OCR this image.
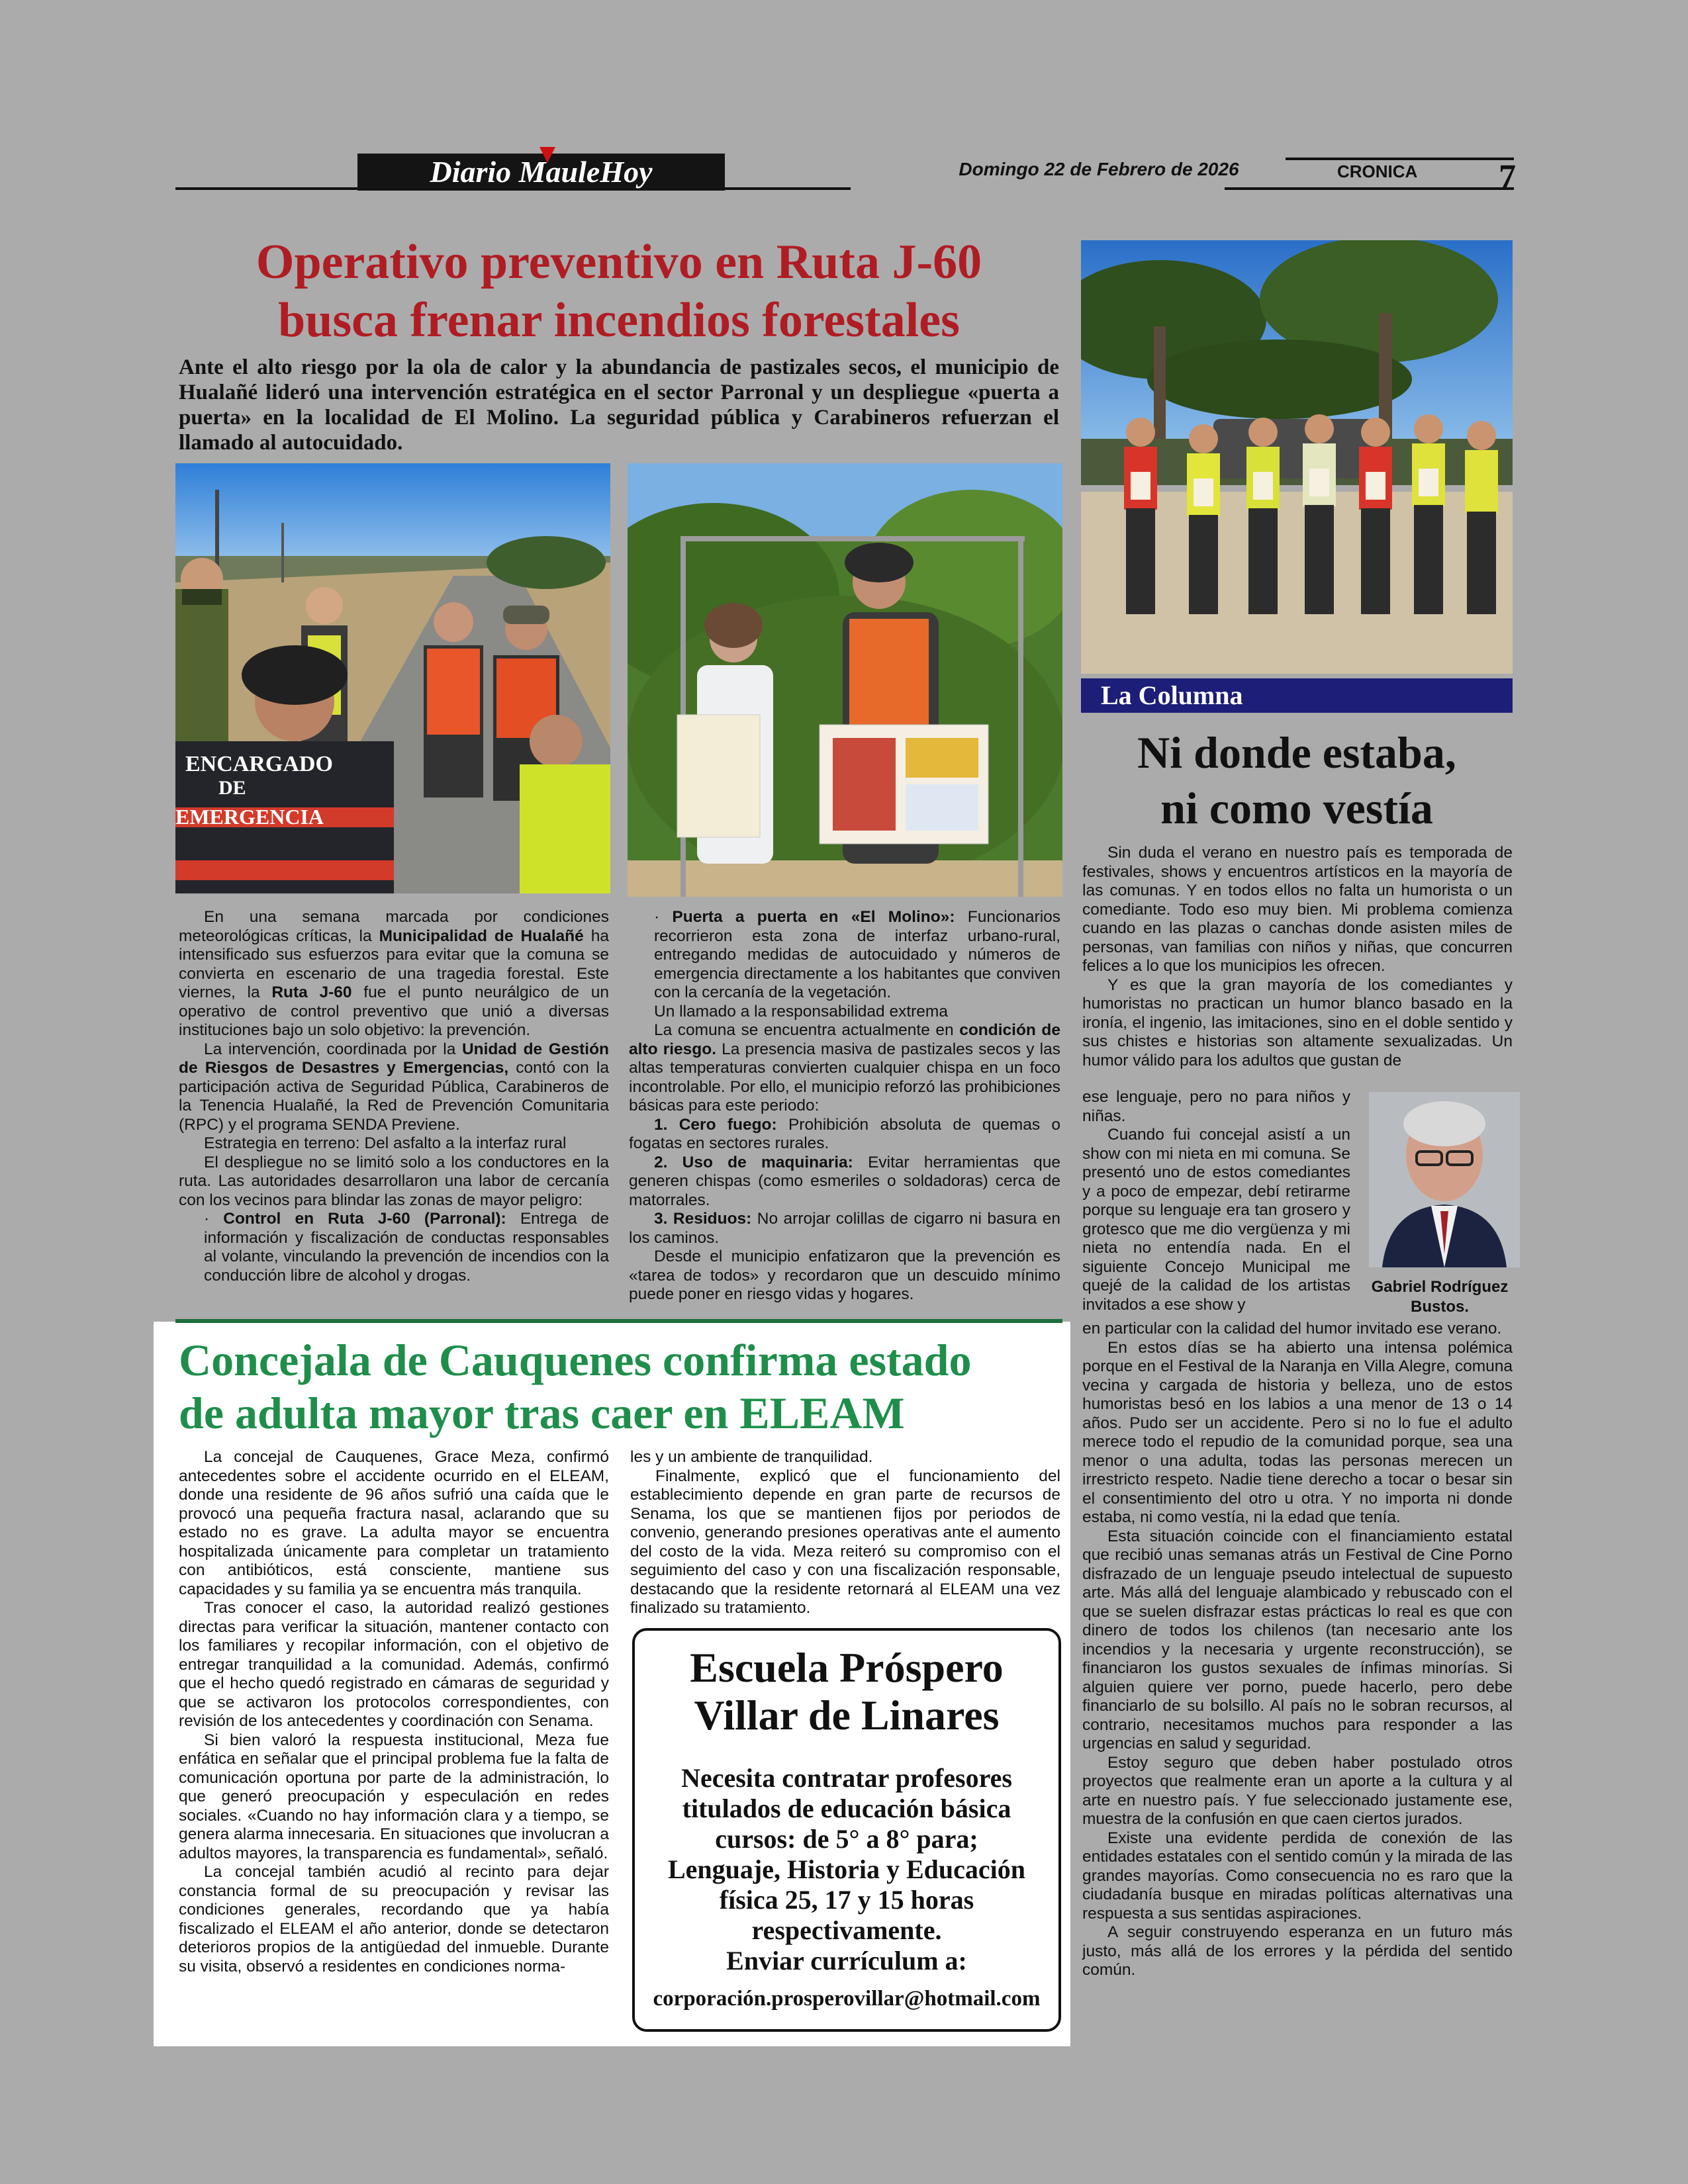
Diario MauleHoy	Domingo 22 de Febrero de 2026	CRONICA	7
Operativo preventivo en Ruta J-60
busca frenar incendios forestales
Ante el alto riesgo por la ola de calor y la abundancia de pastizales secos, el municipio de Hualañé lideró una intervención estratégica en el sector Parronal y un despliegue «puerta a puerta» en la localidad de El Molino. La seguridad pública y Carabineros refuerzan el llamado al autocuidado.
ENCARGADO
DE
EMERGENCIA

En una semana marcada por condiciones meteorológicas críticas, la Municipalidad de Hualañé ha intensificado sus esfuerzos para evitar que la comuna se convierta en escenario de una tragedia forestal. Este viernes, la Ruta J-60 fue el punto neurálgico de un operativo de control preventivo que unió a diversas instituciones bajo un solo objetivo: la prevención.

La intervención, coordinada por la Unidad de Gestión de Riesgos de Desastres y Emergencias, contó con la participación activa de Seguridad Pública, Carabineros de la Tenencia Hualañé, la Red de Prevención Comunitaria (RPC) y el programa SENDA Previene.

Estrategia en terreno: Del asfalto a la interfaz rural

El despliegue no se limitó solo a los conductores en la ruta. Las autoridades desarrollaron una labor de cercanía con los vecinos para blindar las zonas de mayor peligro:

· Control en Ruta J-60 (Parronal): Entrega de información y fiscalización de conductas responsables al volante, vinculando la prevención de incendios con la conducción libre de alcohol y drogas.

· Puerta a puerta en «El Molino»: Funcionarios recorrieron esta zona de interfaz urbano-rural, entregando medidas de autocuidado y números de emergencia directamente a los habitantes que conviven con la cercanía de la vegetación.

Un llamado a la responsabilidad extrema

La comuna se encuentra actualmente en condición de alto riesgo. La presencia masiva de pastizales secos y las altas temperaturas convierten cualquier chispa en un foco incontrolable. Por ello, el municipio reforzó las prohibiciones básicas para este periodo:

1. Cero fuego: Prohibición absoluta de quemas o fogatas en sectores rurales.

2. Uso de maquinaria: Evitar herramientas que generen chispas (como esmeriles o soldadoras) cerca de matorrales.

3. Residuos: No arrojar colillas de cigarro ni basura en los caminos.

Desde el municipio enfatizaron que la prevención es «tarea de todos» y recordaron que un descuido mínimo puede poner en riesgo vidas y hogares.

La Columna
Ni donde estaba,
ni como vestía

Sin duda el verano en nuestro país es temporada de festivales, shows y encuentros artísticos en la mayoría de las comunas. Y en todos ellos no falta un humorista o un comediante. Todo eso muy bien. Mi problema comienza cuando en las plazas o canchas donde asisten miles de personas, van familias con niños y niñas, que concurren felices a lo que los municipios les ofrecen.

Y es que la gran mayoría de los comediantes y humoristas no practican un humor blanco basado en la ironía, el ingenio, las imitaciones, sino en el doble sentido y sus chistes e historias son altamente sexualizadas. Un humor válido para los adultos que gustan de

ese lenguaje, pero no para niños y niñas.

Cuando fui concejal asistí a un show con mi nieta en mi comuna. Se presentó uno de estos comediantes y a poco de empezar, debí retirarme porque su lenguaje era tan grosero y grotesco que me dio vergüenza y mi nieta no entendía nada. En el siguiente Concejo Municipal me quejé de la calidad de los artistas invitados a ese show y

Gabriel Rodríguez
Bustos.

en particular con la calidad del humor invitado ese verano.

En estos días se ha abierto una intensa polémica porque en el Festival de la Naranja en Villa Alegre, comuna vecina y cargada de historia y belleza, uno de estos humoristas besó en los labios a una menor de 13 o 14 años. Pudo ser un accidente. Pero si no lo fue el adulto merece todo el repudio de la comunidad porque, sea una menor o una adulta, todas las personas merecen un irrestricto respeto. Nadie tiene derecho a tocar o besar sin el consentimiento del otro u otra. Y no importa ni donde estaba, ni como vestía, ni la edad que tenía.

Esta situación coincide con el financiamiento estatal que recibió unas semanas atrás un Festival de Cine Porno disfrazado de un lenguaje pseudo intelectual de supuesto arte. Más allá del lenguaje alambicado y rebuscado con el que se suelen disfrazar estas prácticas lo real es que con dinero de todos los chilenos (tan necesario ante los incendios y la necesaria y urgente reconstrucción), se financiaron los gustos sexuales de ínfimas minorías. Si alguien quiere ver porno, puede hacerlo, pero debe financiarlo de su bolsillo. Al país no le sobran recursos, al contrario, necesitamos muchos para responder a las urgencias en salud y seguridad.

Estoy seguro que deben haber postulado otros proyectos que realmente eran un aporte a la cultura y al arte en nuestro país. Y fue seleccionado justamente ese, muestra de la confusión en que caen ciertos jurados.

Existe una evidente perdida de conexión de las entidades estatales con el sentido común y la mirada de las grandes mayorías. Como consecuencia no es raro que la ciudadanía busque en miradas políticas alternativas una respuesta a sus sentidas aspiraciones.

A seguir construyendo esperanza en un futuro más justo, más allá de los errores y la pérdida del sentido común.

Concejala de Cauquenes confirma estado
de adulta mayor tras caer en ELEAM

La concejal de Cauquenes, Grace Meza, confirmó antecedentes sobre el accidente ocurrido en el ELEAM, donde una residente de 96 años sufrió una caída que le provocó una pequeña fractura nasal, aclarando que su estado no es grave. La adulta mayor se encuentra hospitalizada únicamente para completar un tratamiento con antibióticos, está consciente, mantiene sus capacidades y su familia ya se encuentra más tranquila.

Tras conocer el caso, la autoridad realizó gestiones directas para verificar la situación, mantener contacto con los familiares y recopilar información, con el objetivo de entregar tranquilidad a la comunidad. Además, confirmó que el hecho quedó registrado en cámaras de seguridad y que se activaron los protocolos correspondientes, con revisión de los antecedentes y coordinación con Senama.

Si bien valoró la respuesta institucional, Meza fue enfática en señalar que el principal problema fue la falta de comunicación oportuna por parte de la administración, lo que generó preocupación y especulación en redes sociales. «Cuando no hay información clara y a tiempo, se genera alarma innecesaria. En situaciones que involucran a adultos mayores, la transparencia es fundamental», señaló.

La concejal también acudió al recinto para dejar constancia formal de su preocupación y revisar las condiciones generales, recordando que ya había fiscalizado el ELEAM el año anterior, donde se detectaron deterioros propios de la antigüedad del inmueble. Durante su visita, observó a residentes en condiciones norma-

les y un ambiente de tranquilidad.

Finalmente, explicó que el funcionamiento del establecimiento depende en gran parte de recursos de Senama, los que se mantienen fijos por periodos de convenio, generando presiones operativas ante el aumento del costo de la vida. Meza reiteró su compromiso con el seguimiento del caso y con una fiscalización responsable, destacando que la residente retornará al ELEAM una vez finalizado su tratamiento.

Escuela Próspero
Villar de Linares
Necesita contratar profesores
titulados de educación básica
cursos: de 5° a 8° para;
Lenguaje, Historia y Educación
física 25, 17 y 15 horas
respectivamente.
Enviar currículum a:
corporación.prosperovillar@hotmail.com
